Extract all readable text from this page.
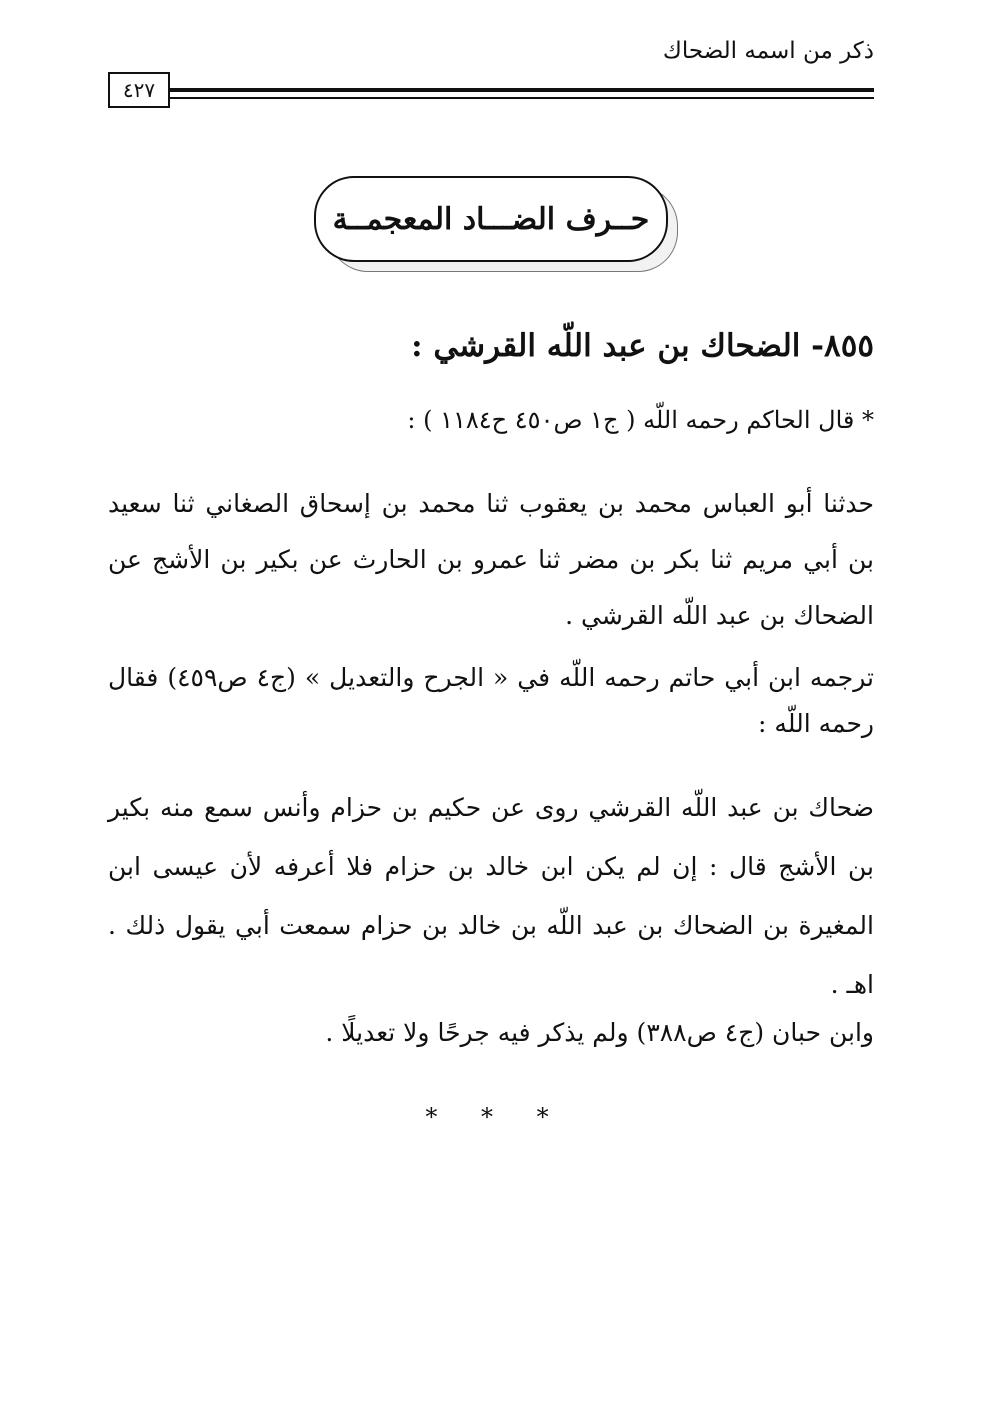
ذكر من اسمه الضحاك
٤٢٧
حــرف الضـــاد المعجمــة
٨٥٥- الضحاك بن عبد اللّه القرشي :

* قال الحاكم رحمه اللّه ( ج١ ص٤٥٠ ح١١٨٤ ) :

حدثنا أبو العباس محمد بن يعقوب ثنا محمد بن إسحاق الصغاني ثنا سعيد بن أبي مريم ثنا بكر بن مضر ثنا عمرو بن الحارث عن بكير بن الأشج عن الضحاك بن عبد اللّه القرشي .

ترجمه ابن أبي حاتم رحمه اللّه في « الجرح والتعديل » (ج٤ ص٤٥٩) فقال رحمه اللّه :

ضحاك بن عبد اللّه القرشي روى عن حكيم بن حزام وأنس سمع منه بكير بن الأشج قال : إن لم يكن ابن خالد بن حزام فلا أعرفه لأن عيسى ابن المغيرة بن الضحاك بن عبد اللّه بن خالد بن حزام سمعت أبي يقول ذلك . اهـ .

وابن حبان (ج٤ ص٣٨٨) ولم يذكر فيه جرحًا ولا تعديلًا .

* * *
